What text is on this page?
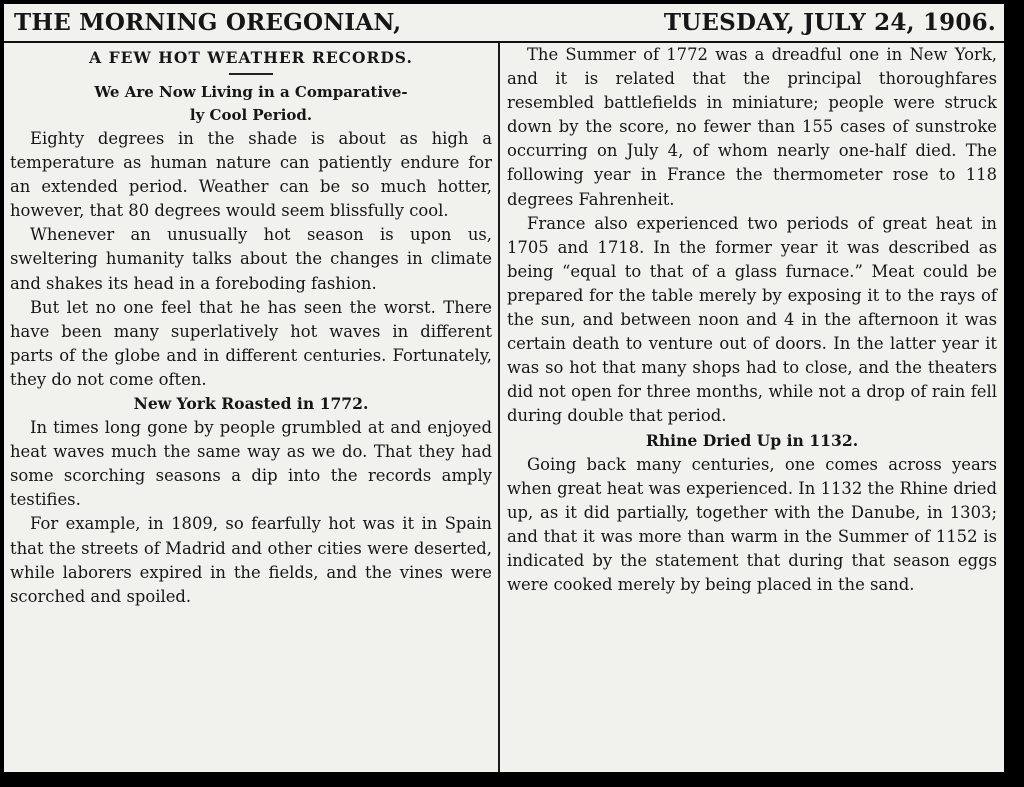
THE MORNING OREGONIAN,	TUESDAY, JULY 24, 1906.

A FEW HOT WEATHER RECORDS.

We Are Now Living in a Comparative-
ly Cool Period.

Eighty degrees in the shade is about as high a temperature as human nature can patiently endure for an extended period. Weather can be so much hotter, however, that 80 degrees would seem blissfully cool.

Whenever an unusually hot season is upon us, sweltering humanity talks about the changes in climate and shakes its head in a foreboding fashion.

But let no one feel that he has seen the worst. There have been many superlatively hot waves in different parts of the globe and in different centuries. Fortunately, they do not come often.

New York Roasted in 1772.

In times long gone by people grumbled at and enjoyed heat waves much the same way as we do. That they had some scorching seasons a dip into the records amply testifies.

For example, in 1809, so fearfully hot was it in Spain that the streets of Madrid and other cities were deserted, while laborers expired in the fields, and the vines were scorched and spoiled.

The Summer of 1772 was a dreadful one in New York, and it is related that the principal thoroughfares resembled battlefields in miniature; people were struck down by the score, no fewer than 155 cases of sunstroke occurring on July 4, of whom nearly one-half died. The following year in France the thermometer rose to 118 degrees Fahrenheit.

France also experienced two periods of great heat in 1705 and 1718. In the former year it was described as being “equal to that of a glass furnace.” Meat could be prepared for the table merely by exposing it to the rays of the sun, and between noon and 4 in the afternoon it was certain death to venture out of doors. In the latter year it was so hot that many shops had to close, and the theaters did not open for three months, while not a drop of rain fell during double that period.

Rhine Dried Up in 1132.

Going back many centuries, one comes across years when great heat was experienced. In 1132 the Rhine dried up, as it did partially, together with the Danube, in 1303; and that it was more than warm in the Summer of 1152 is indicated by the statement that during that season eggs were cooked merely by being placed in the sand.
